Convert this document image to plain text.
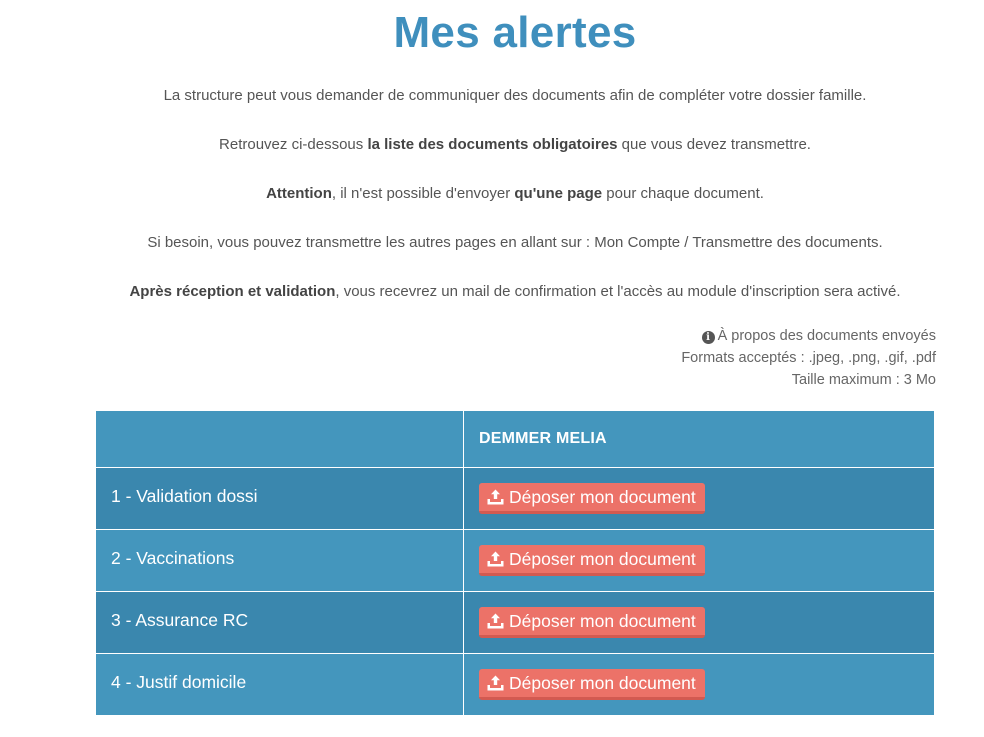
Mes alertes
La structure peut vous demander de communiquer des documents afin de compléter votre dossier famille.
Retrouvez ci-dessous la liste des documents obligatoires que vous devez transmettre.
Attention, il n'est possible d'envoyer qu'une page pour chaque document.
Si besoin, vous pouvez transmettre les autres pages en allant sur : Mon Compte / Transmettre des documents.
Après réception et validation, vous recevrez un mail de confirmation et l'accès au module d'inscription sera activé.
i À propos des documents envoyés
Formats acceptés : .jpeg, .png, .gif, .pdf
Taille maximum : 3 Mo
	DEMMER MELIA
1 - Validation dossi	Déposer mon document

2 - Vaccinations	Déposer mon document

3 - Assurance RC	Déposer mon document

4 - Justif domicile	Déposer mon document
